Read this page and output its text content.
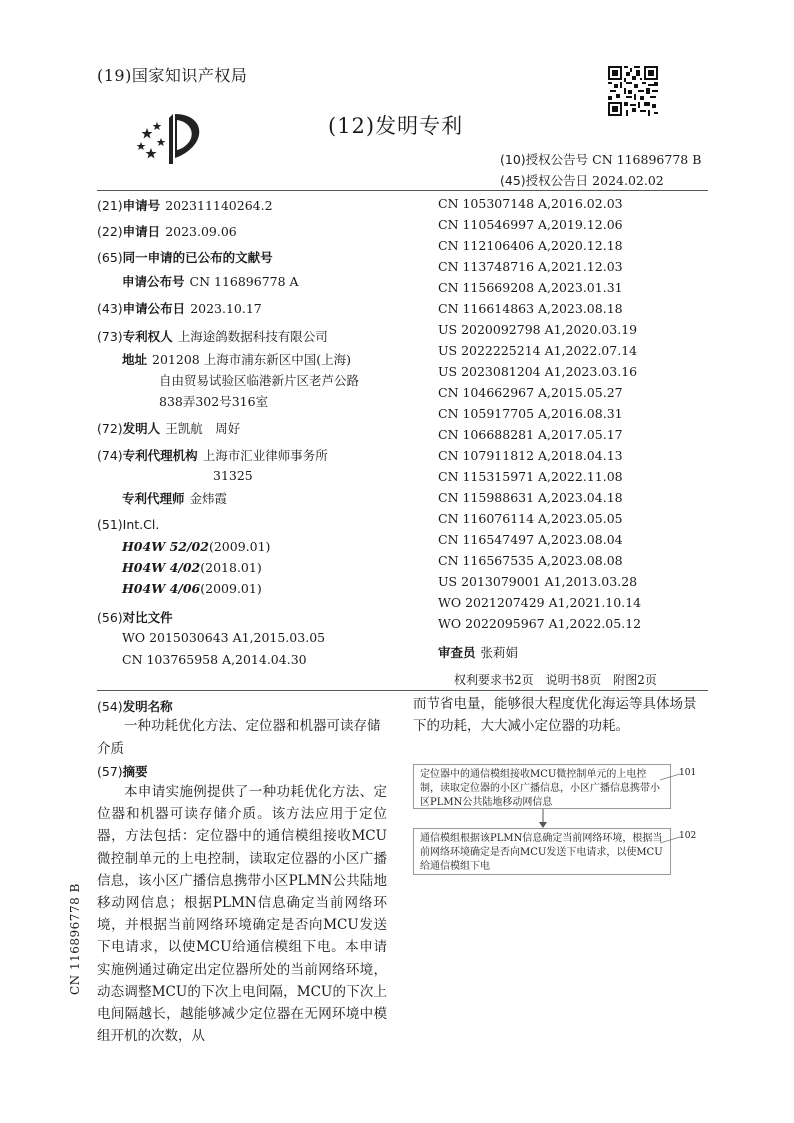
(19)国家知识产权局
(12)发明专利
(10)授权公告号 CN 116896778 B
(45)授权公告日 2024.02.02
(21)申请号 202311140264.2
(22)申请日 2023.09.06
(65)同一申请的已公布的文献号
申请公布号 CN 116896778 A
(43)申请公布日 2023.10.17
(73)专利权人 上海途鸽数据科技有限公司
地址 201208 上海市浦东新区中国(上海)
自由贸易试验区临港新片区老芦公路
838弄302号316室
(72)发明人 王凯航　周好
(74)专利代理机构 上海市汇业律师事务所
31325
专利代理师 金炜霞
(51)Int.Cl.
H04W 52/02(2009.01)
H04W 4/02(2018.01)
H04W 4/06(2009.01)
(56)对比文件
WO 2015030643 A1,2015.03.05
CN 103765958 A,2014.04.30
CN 105307148 A,2016.02.03
CN 110546997 A,2019.12.06
CN 112106406 A,2020.12.18
CN 113748716 A,2021.12.03
CN 115669208 A,2023.01.31
CN 116614863 A,2023.08.18
US 2020092798 A1,2020.03.19
US 2022225214 A1,2022.07.14
US 2023081204 A1,2023.03.16
CN 104662967 A,2015.05.27
CN 105917705 A,2016.08.31
CN 106688281 A,2017.05.17
CN 107911812 A,2018.04.13
CN 115315971 A,2022.11.08
CN 115988631 A,2023.04.18
CN 116076114 A,2023.05.05
CN 116547497 A,2023.08.04
CN 116567535 A,2023.08.08
US 2013079001 A1,2013.03.28
WO 2021207429 A1,2021.10.14
WO 2022095967 A1,2022.05.12
审查员 张莉娟
权利要求书2页　说明书8页　附图2页
(54)发明名称

一种功耗优化方法、定位器和机器可读存储介质

(57)摘要

本申请实施例提供了一种功耗优化方法、定位器和机器可读存储介质。该方法应用于定位器，方法包括：定位器中的通信模组接收MCU微控制单元的上电控制，读取定位器的小区广播信息，该小区广播信息携带小区PLMN公共陆地移动网信息；根据PLMN信息确定当前网络环境，并根据当前网络环境确定是否向MCU发送下电请求，以使MCU给通信模组下电。本申请实施例通过确定出定位器所处的当前网络环境，动态调整MCU的下次上电间隔，MCU的下次上电间隔越长，越能够减少定位器在无网环境中模组开机的次数，从

而节省电量，能够很大程度优化海运等具体场景下的功耗，大大减小定位器的功耗。

定位器中的通信模组接收MCU微控制单元的上电控制，读取定位器的小区广播信息，小区广播信息携带小区PLMN公共陆地移动网信息
101
通信模组根据该PLMN信息确定当前网络环境，根据当前网络环境确定是否向MCU发送下电请求，以使MCU给通信模组下电
102
CN 116896778 B
